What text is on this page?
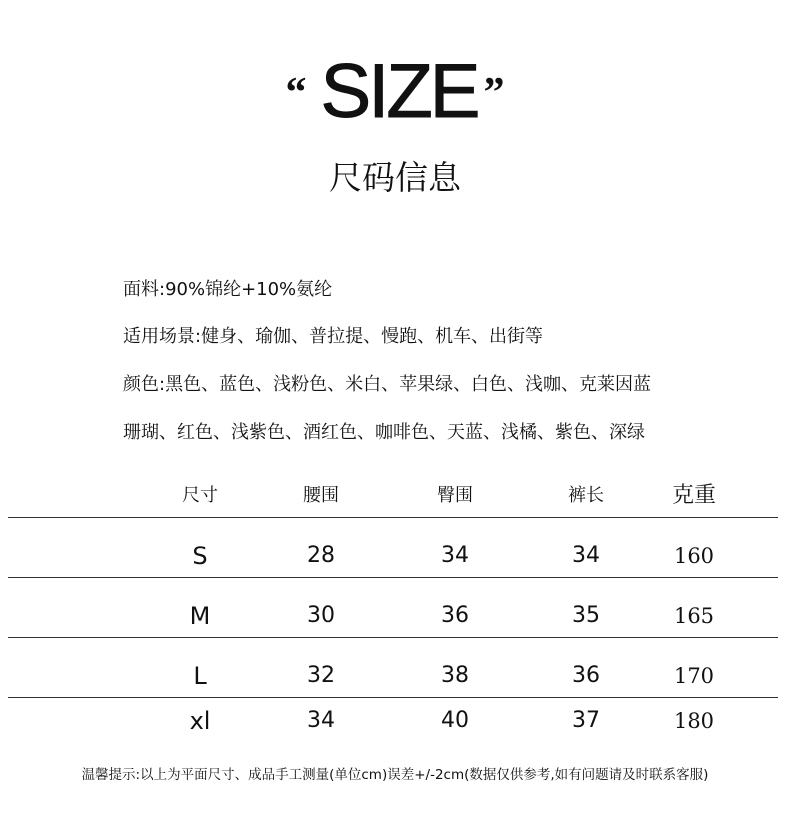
“ SIZE ”
尺码信息
面料:90%锦纶+10%氨纶
适用场景:健身、瑜伽、普拉提、慢跑、机车、出街等
颜色:黑色、蓝色、浅粉色、米白、苹果绿、白色、浅咖、克莱因蓝
珊瑚、红色、浅紫色、酒红色、咖啡色、天蓝、浅橘、紫色、深绿
尺寸	腰围	臀围	裤长	克重
S	28	34	34	160
M	30	36	35	165
L	32	38	36	170
xl	34	40	37	180
温馨提示:以上为平面尺寸、成品手工测量(单位cm)误差+/-2cm(数据仅供参考,如有问题请及时联系客服)
